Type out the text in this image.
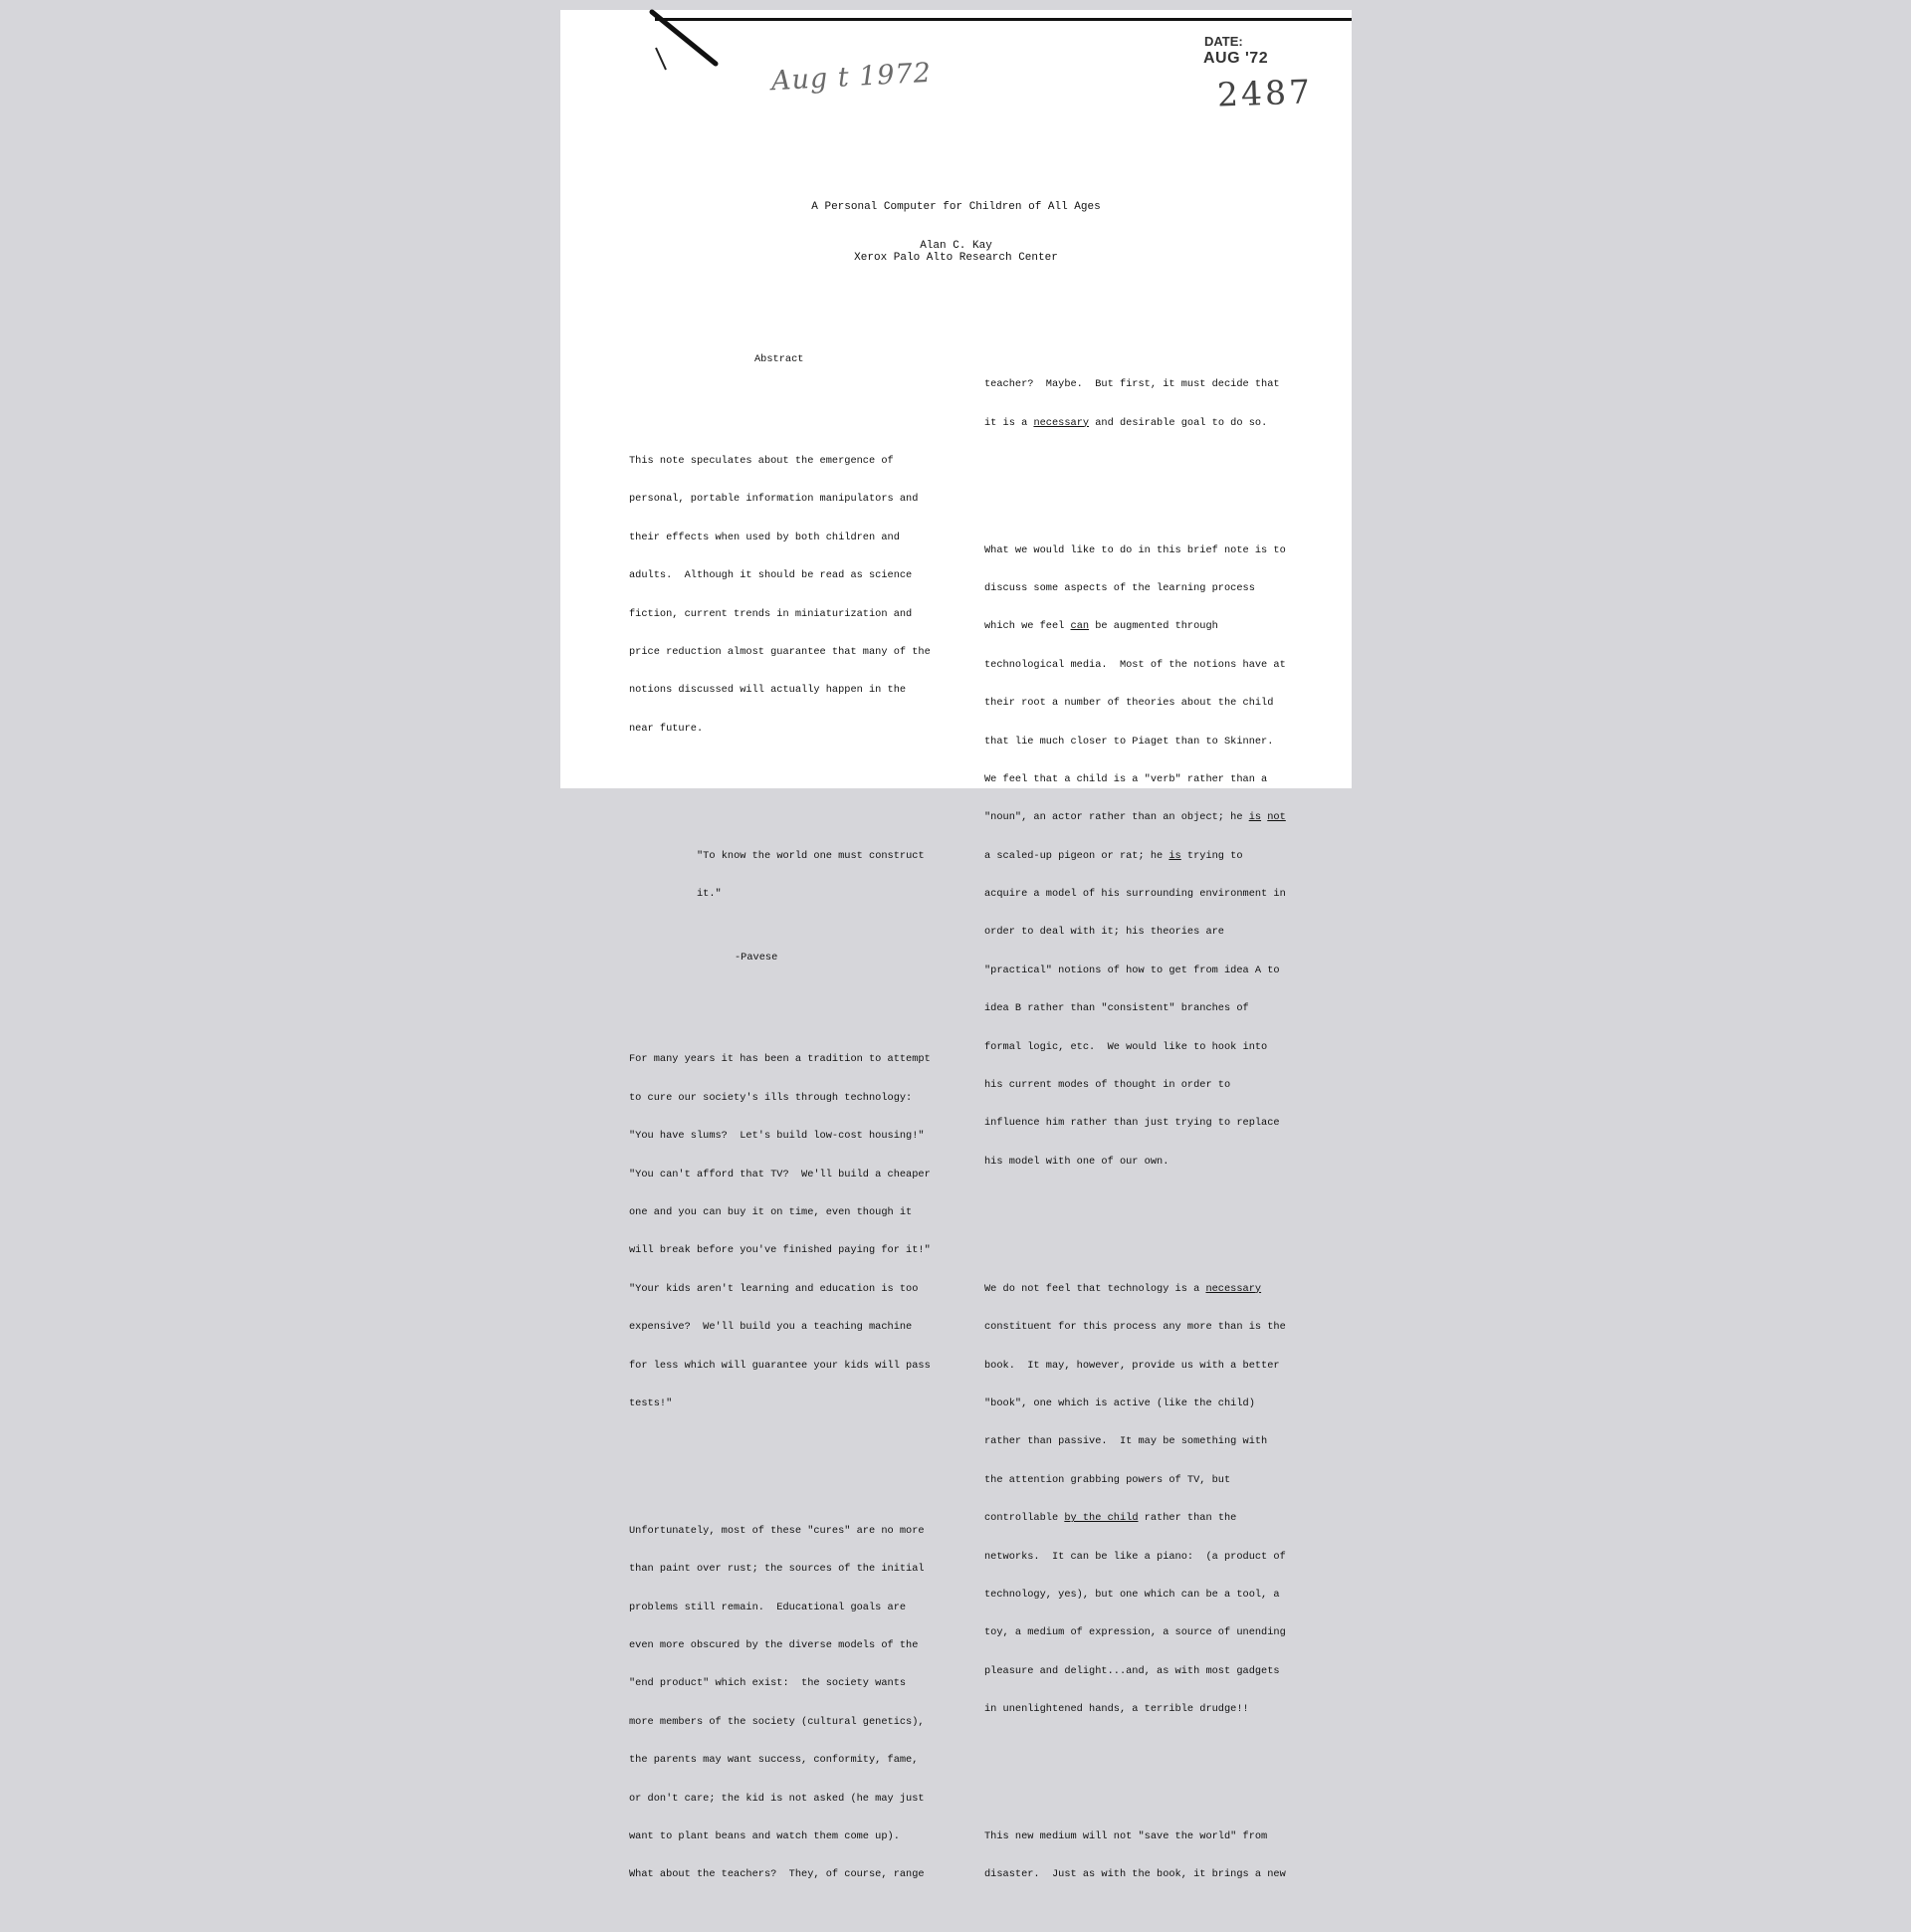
Aug t 1972
DATE:
AUG '72
2487
A Personal Computer for Children of All Ages
Alan C. Kay
Xerox Palo Alto Research Center

Abstract

This note speculates about the emergence of

personal, portable information manipulators and

their effects when used by both children and

adults.  Although it should be read as science

fiction, current trends in miniaturization and

price reduction almost guarantee that many of the

notions discussed will actually happen in the

near future.

"To know the world one must construct

it."

-Pavese

For many years it has been a tradition to attempt

to cure our society's ills through technology:

"You have slums?  Let's build low-cost housing!"

"You can't afford that TV?  We'll build a cheaper

one and you can buy it on time, even though it

will break before you've finished paying for it!"

"Your kids aren't learning and education is too

expensive?  We'll build you a teaching machine

for less which will guarantee your kids will pass

tests!"

Unfortunately, most of these "cures" are no more

than paint over rust; the sources of the initial

problems still remain.  Educational goals are

even more obscured by the diverse models of the

"end product" which exist:  the society wants

more members of the society (cultural genetics),

the parents may want success, conformity, fame,

or don't care; the kid is not asked (he may just

want to plant beans and watch them come up).

What about the teachers?  They, of course, range

teacher?  Maybe.  But first, it must decide that

it is a necessary and desirable goal to do so.

What we would like to do in this brief note is to

discuss some aspects of the learning process

which we feel can be augmented through

technological media.  Most of the notions have at

their root a number of theories about the child

that lie much closer to Piaget than to Skinner.

We feel that a child is a "verb" rather than a

"noun", an actor rather than an object; he is not

a scaled-up pigeon or rat; he is trying to

acquire a model of his surrounding environment in

order to deal with it; his theories are

"practical" notions of how to get from idea A to

idea B rather than "consistent" branches of

formal logic, etc.  We would like to hook into

his current modes of thought in order to

influence him rather than just trying to replace

his model with one of our own.

We do not feel that technology is a necessary

constituent for this process any more than is the

book.  It may, however, provide us with a better

"book", one which is active (like the child)

rather than passive.  It may be something with

the attention grabbing powers of TV, but

controllable by the child rather than the

networks.  It can be like a piano:  (a product of

technology, yes), but one which can be a tool, a

toy, a medium of expression, a source of unending

pleasure and delight...and, as with most gadgets

in unenlightened hands, a terrible drudge!!

This new medium will not "save the world" from

disaster.  Just as with the book, it brings a new
